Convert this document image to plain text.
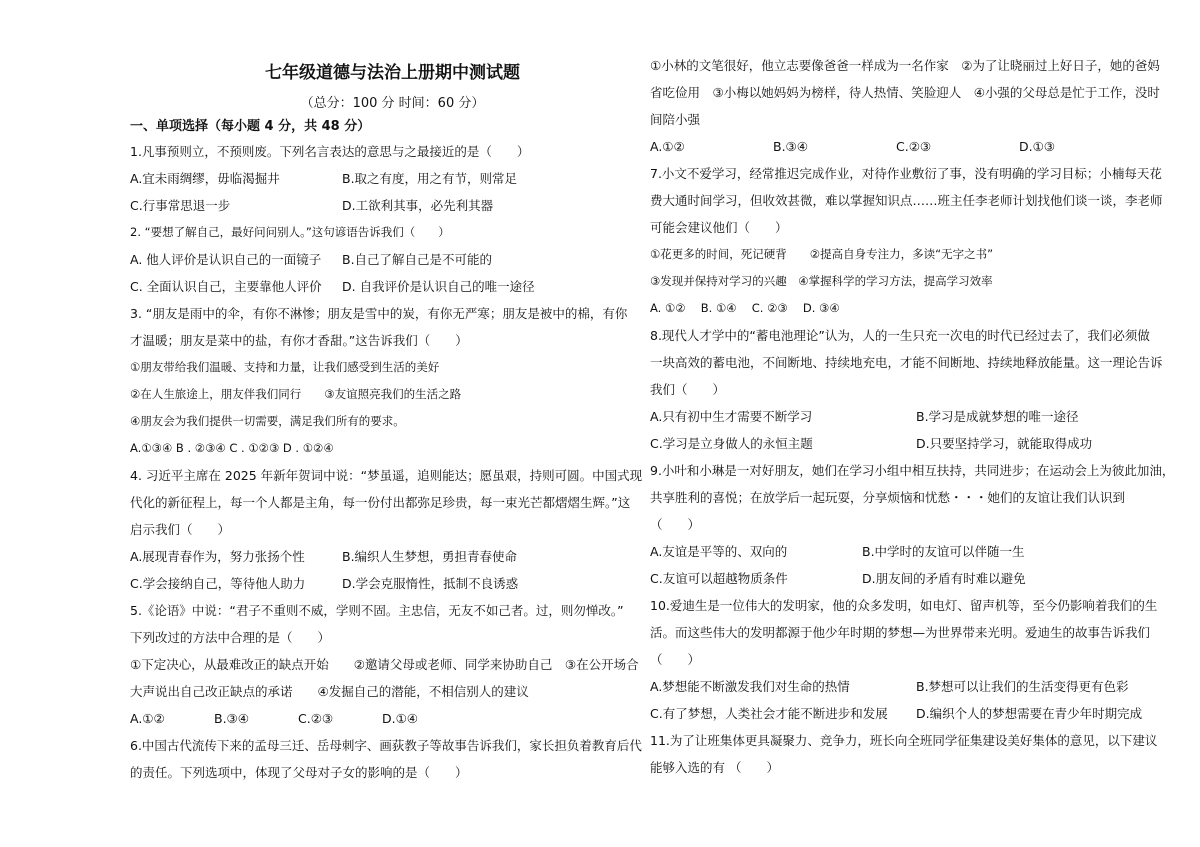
七年级道德与法治上册期中测试题
（总分：100 分 时间：60 分）
一、单项选择（每小题 4 分，共 48 分）
1.凡事预则立，不预则废。下列名言表达的意思与之最接近的是（　　）
A.宜未雨绸缪，毋临渴掘井	B.取之有度，用之有节，则常足
C.行事常思退一步	D.工欲利其事，必先利其器
2. “要想了解自己，最好问问别人。”这句谚语告诉我们（　　）
A. 他人评价是认识自己的一面镜子	B.自己了解自己是不可能的
C. 全面认识自己，主要靠他人评价	D. 自我评价是认识自己的唯一途径
3. “朋友是雨中的伞，有你不淋惨；朋友是雪中的炭，有你无严寒；朋友是被中的棉，有你
才温暖；朋友是菜中的盐，有你才香甜。”这告诉我们（　　）
①朋友带给我们温暖、支持和力量，让我们感受到生活的美好
②在人生旅途上，朋友伴我们同行　　③友谊照亮我们的生活之路
④朋友会为我们提供一切需要，满足我们所有的要求。
A.①③④ B . ②③④ C . ①②③ D . ①②④
4. 习近平主席在 2025 年新年贺词中说：“梦虽遥，追则能达；愿虽艰，持则可圆。中国式现
代化的新征程上，每一个人都是主角，每一份付出都弥足珍贵，每一束光芒都熠熠生辉。”这
启示我们（　　）
A.展现青春作为，努力张扬个性	B.编织人生梦想，勇担青春使命
C.学会接纳自己，等待他人助力	D.学会克服惰性，抵制不良诱惑
5.《论语》中说：“君子不重则不威，学则不固。主忠信，无友不如己者。过，则勿惮改。”
下列改过的方法中合理的是（　　）
①下定决心，从最难改正的缺点开始　　②邀请父母或老师、同学来协助自己　③在公开场合
大声说出自己改正缺点的承诺　　④发掘自己的潜能，不相信别人的建议
A.①②	B.③④	C.②③	D.①④
6.中国古代流传下来的孟母三迁、岳母刺字、画荻教子等故事告诉我们，家长担负着教育后代
的责任。下列选项中，体现了父母对子女的影响的是（　　）
①小林的文笔很好，他立志要像爸爸一样成为一名作家　②为了让晓丽过上好日子，她的爸妈
省吃俭用　③小梅以她妈妈为榜样，待人热情、笑脸迎人　④小强的父母总是忙于工作，没时
间陪小强
A.①②	B.③④	C.②③	D.①③
7.小文不爱学习，经常推迟完成作业，对待作业敷衍了事，没有明确的学习目标；小楠每天花
费大通时间学习，但收效甚微，难以掌握知识点……班主任李老师计划找他们谈一谈，李老师
可能会建议他们（　　）
①花更多的时间，死记硬背　　②提高自身专注力，多读“无字之书”
③发现并保持对学习的兴趣　④掌握科学的学习方法，提高学习效率
A. ①②　 B. ①④　 C. ②③　 D. ③④
8.现代人才学中的“蓄电池理论”认为，人的一生只充一次电的时代已经过去了，我们必须做
一块高效的蓄电池，不间断地、持续地充电，才能不间断地、持续地释放能量。这一理论告诉
我们（　　）
A.只有初中生才需要不断学习	B.学习是成就梦想的唯一途径
C.学习是立身做人的永恒主题	D.只要坚持学习，就能取得成功
9.小叶和小琳是一对好朋友，她们在学习小组中相互扶持，共同进步；在运动会上为彼此加油，
共享胜利的喜悦；在放学后一起玩耍，分享烦恼和忧愁・・・她们的友谊让我们认识到
（　　）
A.友谊是平等的、双向的	B.中学时的友谊可以伴随一生
C.友谊可以超越物质条件	D.朋友间的矛盾有时难以避免
10.爱迪生是一位伟大的发明家，他的众多发明，如电灯、留声机等，至今仍影响着我们的生
活。而这些伟大的发明都源于他少年时期的梦想—为世界带来光明。爱迪生的故事告诉我们
（　　）
A.梦想能不断激发我们对生命的热情	B.梦想可以让我们的生活变得更有色彩
C.有了梦想，人类社会才能不断进步和发展	D.编织个人的梦想需要在青少年时期完成
11.为了让班集体更具凝聚力、竞争力，班长向全班同学征集建设美好集体的意见，以下建议
能够入选的有 （　　）
